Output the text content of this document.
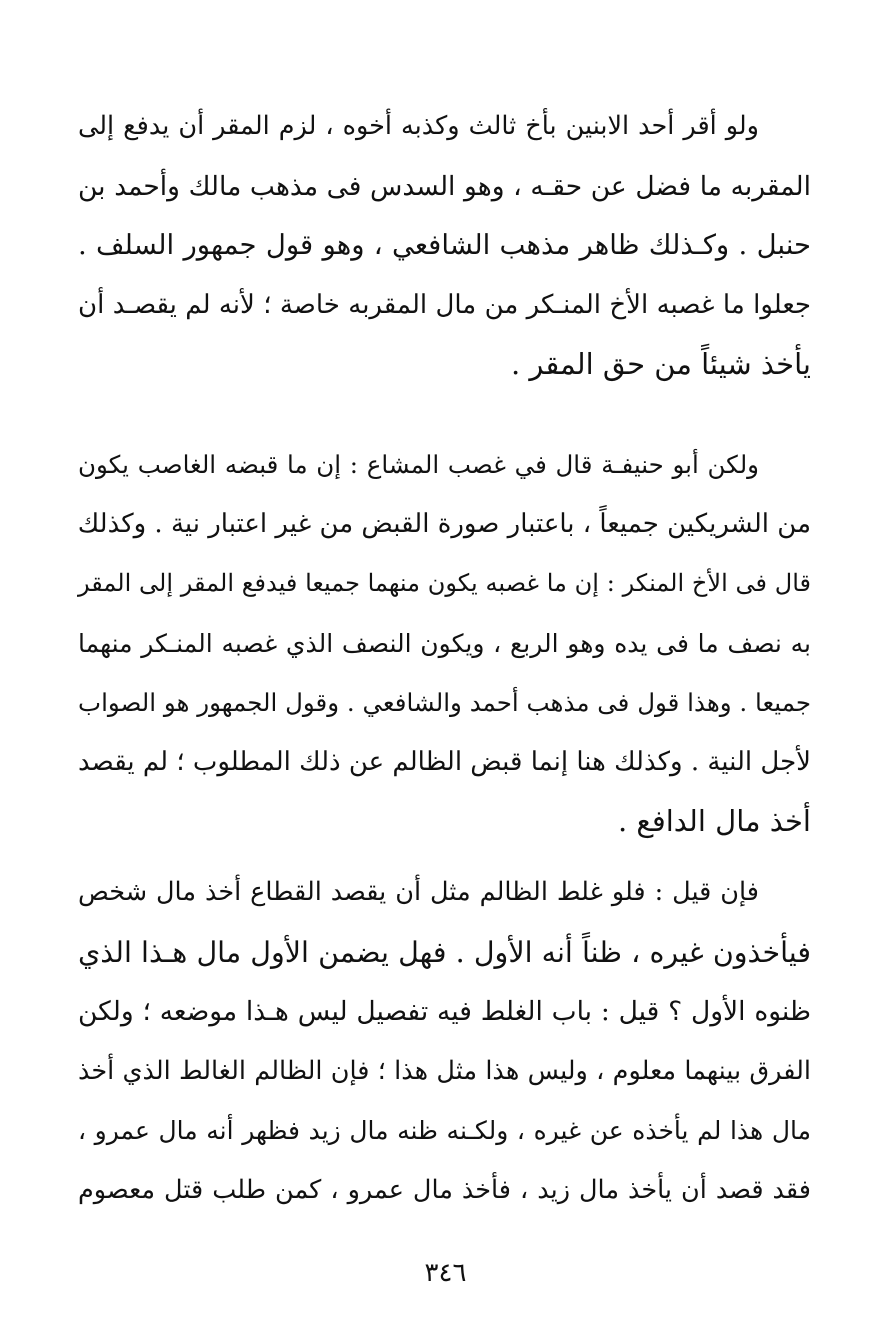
ولو أقر أحد الابنين بأخ ثالث وكذبه أخوه ، لزم المقر أن يدفع إلى
المقربه ما فضل عن حقـه ، وهو السدس فى مذهب مالك وأحمد بن
حنبل . وكـذلك ظاهر مذهب الشافعي ، وهو قول جمهور السلف .
جعلوا ما غصبه الأخ المنـكر من مال المقربه خاصة ؛ لأنه لم يقصـد أن
يأخذ شيئاً من حق المقر .
ولكن أبو حنيفـة قال في غصب المشاع : إن ما قبضه الغاصب يكون
من الشريكين جميعاً ، باعتبار صورة القبض من غير اعتبار نية . وكذلك
قال فى الأخ المنكر : إن ما غصبه يكون منهما جميعا فيدفع المقر إلى المقر
به نصف ما فى يده وهو الربع ، ويكون النصف الذي غصبه المنـكر منهما
جميعا . وهذا قول فى مذهب أحمد والشافعي . وقول الجمهور هو الصواب
لأجل النية . وكذلك هنا إنما قبض الظالم عن ذلك المطلوب ؛ لم يقصد
أخذ مال الدافع .
فإن قيل : فلو غلط الظالم مثل أن يقصد القطاع أخذ مال شخص
فيأخذون غيره ، ظناً أنه الأول . فهل يضمن الأول مال هـذا الذي
ظنوه الأول ؟ قيل : باب الغلط فيه تفصيل ليس هـذا موضعه ؛ ولكن
الفرق بينهما معلوم ، وليس هذا مثل هذا ؛ فإن الظالم الغالط الذي أخذ
مال هذا لم يأخذه عن غيره ، ولكـنه ظنه مال زيد فظهر أنه مال عمرو ،
فقد قصد أن يأخذ مال زيد ، فأخذ مال عمرو ، كمن طلب قتل معصوم
٣٤٦
